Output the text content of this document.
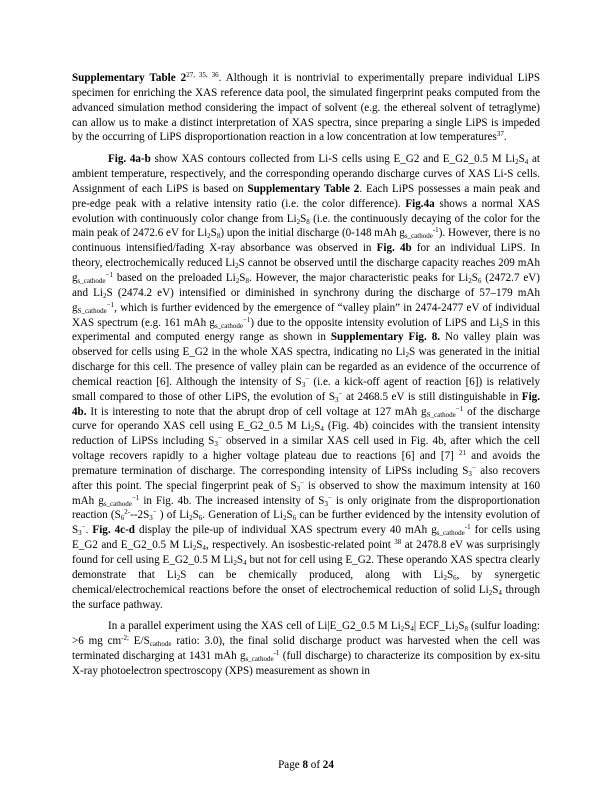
Supplementary Table 2$^{27, 35, 36}$. Although it is nontrivial to experimentally prepare individual LiPS specimen for enriching the XAS reference data pool, the simulated fingerprint peaks computed from the advanced simulation method considering the impact of solvent (e.g. the ethereal solvent of tetraglyme) can allow us to make a distinct interpretation of XAS spectra, since preparing a single LiPS is impeded by the occurring of LiPS disproportionation reaction in a low concentration at low temperatures$^{37}$.

Fig. 4a-b show XAS contours collected from Li-S cells using E_G2 and E_G2_0.5 M $Li_2S_4$ at ambient temperature, respectively, and the corresponding operando discharge curves of XAS Li-S cells. Assignment of each LiPS is based on Supplementary Table 2. Each LiPS possesses a main peak and pre-edge peak with a relative intensity ratio (i.e. the color difference). Fig.4a shows a normal XAS evolution with continuously color change from $Li_2S_8$ (i.e. the continuously decaying of the color for the main peak of 2472.6 eV for $Li_2S_8$) upon the initial discharge (0-148 mAh $g_{s\_cathode}^{-1}$). However, there is no continuous intensified/fading X-ray absorbance was observed in Fig. 4b for an individual LiPS. In theory, electrochemically reduced $Li_2S$ cannot be observed until the discharge capacity reaches 209 mAh $g_{s\_cathode}^{-1}$ based on the preloaded $Li_2S_8$. However, the major characteristic peaks for $Li_2S_6$ (2472.7 eV) and $Li_2S$ (2474.2 eV) intensified or diminished in synchrony during the discharge of 57–179 mAh $g_{S\_cathode}^{-1}$, which is further evidenced by the emergence of “valley plain” in 2474-2477 eV of individual XAS spectrum (e.g. 161 mAh $g_{s\_cathode}^{-1}$) due to the opposite intensity evolution of LiPS and $Li_2S$ in this experimental and computed energy range as shown in Supplementary Fig. 8. No valley plain was observed for cells using E_G2 in the whole XAS spectra, indicating no $Li_2S$ was generated in the initial discharge for this cell. The presence of valley plain can be regarded as an evidence of the occurrence of chemical reaction [6]. Although the intensity of $S_3^-$ (i.e. a kick-off agent of reaction [6]) is relatively small compared to those of other LiPS, the evolution of $S_3^-$ at 2468.5 eV is still distinguishable in Fig. 4b. It is interesting to note that the abrupt drop of cell voltage at 127 mAh $g_{S\_cathode}^{-1}$ of the discharge curve for operando XAS cell using E_G2_0.5 M $Li_2S_4$ (Fig. 4b) coincides with the transient intensity reduction of LiPSs including $S_3^-$ observed in a similar XAS cell used in Fig. 4b, after which the cell voltage recovers rapidly to a higher voltage plateau due to reactions [6] and [7] $^{21}$ and avoids the premature termination of discharge. The corresponding intensity of LiPSs including $S_3^-$ also recovers after this point. The special fingerprint peak of $S_3^-$ is observed to show the maximum intensity at 160 mAh $g_{s\_cathode}^{-1}$ in Fig. 4b. The increased intensity of $S_3^-$ is only originate from the disproportionation reaction ($S_6^{2-}--2S_3^-$ ) of $Li_2S_6$. Generation of $Li_2S_6$ can be further evidenced by the intensity evolution of $S_3^-$. Fig. 4c-d display the pile-up of individual XAS spectrum every 40 mAh $g_{s\_cathode}^{-1}$ for cells using E_G2 and E_G2_0.5 M $Li_2S_4$, respectively. An isosbestic-related point $^{38}$ at 2478.8 eV was surprisingly found for cell using E_G2_0.5 M $Li_2S_4$ but not for cell using E_G2. These operando XAS spectra clearly demonstrate that $Li_2S$ can be chemically produced, along with $Li_2S_6$, by synergetic chemical/electrochemical reactions before the onset of electrochemical reduction of solid $Li_2S_4$ through the surface pathway.

In a parallel experiment using the XAS cell of Li|E_G2_0.5 M $Li_2S_4|$ $ECF\_Li_2S_8$ (sulfur loading: >6 mg $cm^{-2;}$ $E/S_{cathode}$ ratio: 3.0), the final solid discharge product was harvested when the cell was terminated discharging at 1431 mAh $g_{s\_cathode}^{-1}$ (full discharge) to characterize its composition by ex-situ X-ray photoelectron spectroscopy (XPS) measurement as shown in

Page 8 of 24
